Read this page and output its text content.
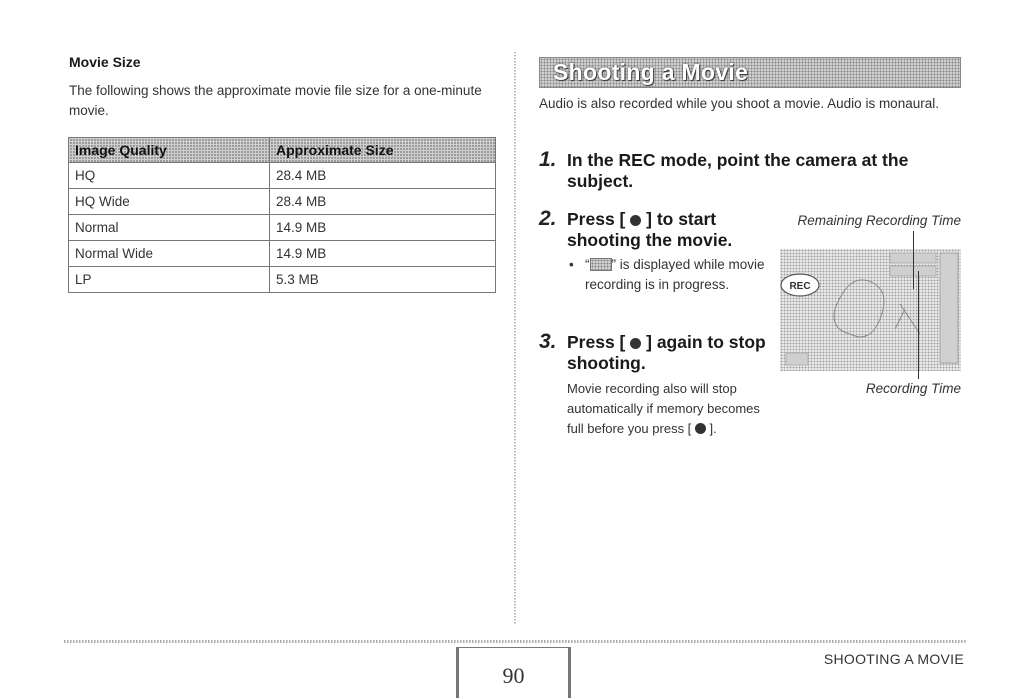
Movie Size
The following shows the approximate movie file size for a one-minute movie.
Image Quality	Approximate Size
HQ	28.4 MB
HQ Wide	28.4 MB
Normal	14.9 MB
Normal Wide	14.9 MB
LP	5.3 MB
Shooting a Movie
Audio is also recorded while you shoot a movie. Audio is monaural.
1. In the REC mode, point the camera at the subject.
2. Press [ ] to start shooting the movie.
• “ ” is displayed while movie recording is in progress.
3. Press [ ] again to stop shooting.
Movie recording also will stop automatically if memory becomes full before you press [ ].
Remaining Recording Time
REC
Recording Time
90
SHOOTING A MOVIE
